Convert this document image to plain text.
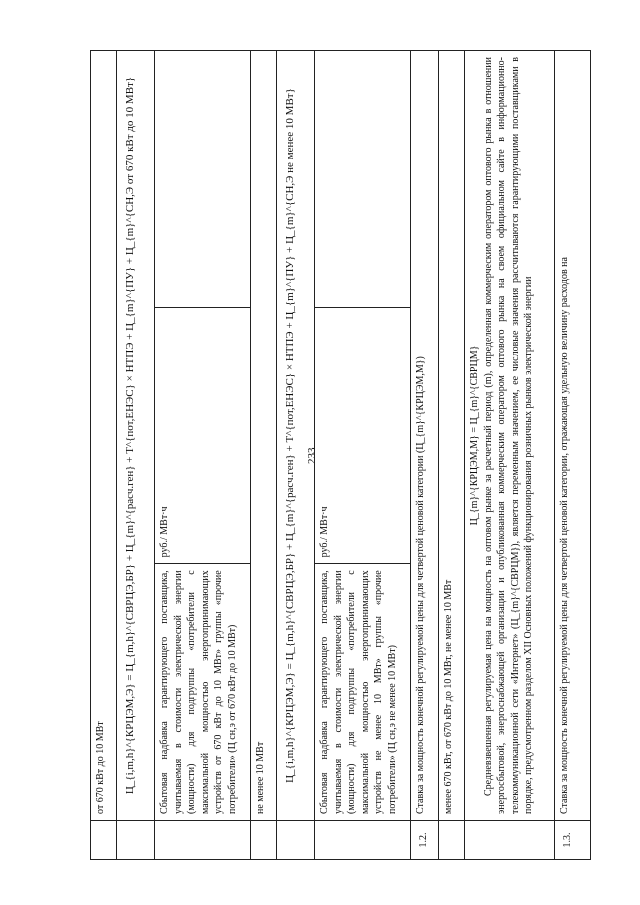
233
	от 670 кВт до 10 МВт		
	Ц_{i,m,h}^{КРЦЭМ,Э} = Ц_{m,h}^{СВРЦЭ,БР} + Ц_{m}^{расч.ген} + Т^{пот,ЕНЭС} × НТПЭ + Ц_{m}^{ПУ} + Ц_{m}^{СН,Э от 670 кВт до 10 МВт}		
	Сбытовая надбавка гарантирующего поставщика, учитываемая в стоимости электрической энергии (мощности) для подгруппы «потребители с максимальной мощностью энергопринимающих устройств от 670 кВт до 10 МВт» группы «прочие потребители» (Ц сн,э от 670 кВт до 10 МВт)	руб./ МВт·ч	
	не менее 10 МВт		
	Ц_{i,m,h}^{КРЦЭМ,Э} = Ц_{m,h}^{СВРЦЭ,БР} + Ц_{m}^{расч.ген} + Т^{пот,ЕНЭС} × НТПЭ + Ц_{m}^{ПУ} + Ц_{m}^{СН,Э не менее 10 МВт}		
	Сбытовая надбавка гарантирующего поставщика, учитываемая в стоимости электрической энергии (мощности) для подгруппы «потребители с максимальной мощностью энергопринимающих устройств не менее 10 МВт» группы «прочие потребители» (Ц сн,э не менее 10 МВт)	руб./ МВт·ч	
1.2.	Ставка за мощность конечной регулируемой цены для четвертой ценовой категории (Ц_{m}^{КРЦЭМ,М})		
	менее 670 кВт, от 670 кВт до 10 МВт, не менее 10 МВт		

	Ц_{m}^{КРЦЭМ,М} = Ц_{m}^{СВРЦМ} Средневзвешенная регулируемая цена на мощность на оптовом рынке за расчетный период (m), определенная коммерческим оператором оптового рынка в отношении энергосбытовой, энергоснабжающей организации и опубликованная коммерческим оператором оптового рынка на своем официальном сайте в информационно-телекоммуникационной сети «Интернет» (Ц_{m}^{СВРЦМ}), является переменным значением, ее числовые значения рассчитываются гарантирующими поставщиками в порядке, предусмотренном разделом XII Основных положений функционирования розничных рынков электрической энергии		

1.3.	Ставка за мощность конечной регулируемой цены для четвертой ценовой категории, отражающая удельную величину расходов на		
